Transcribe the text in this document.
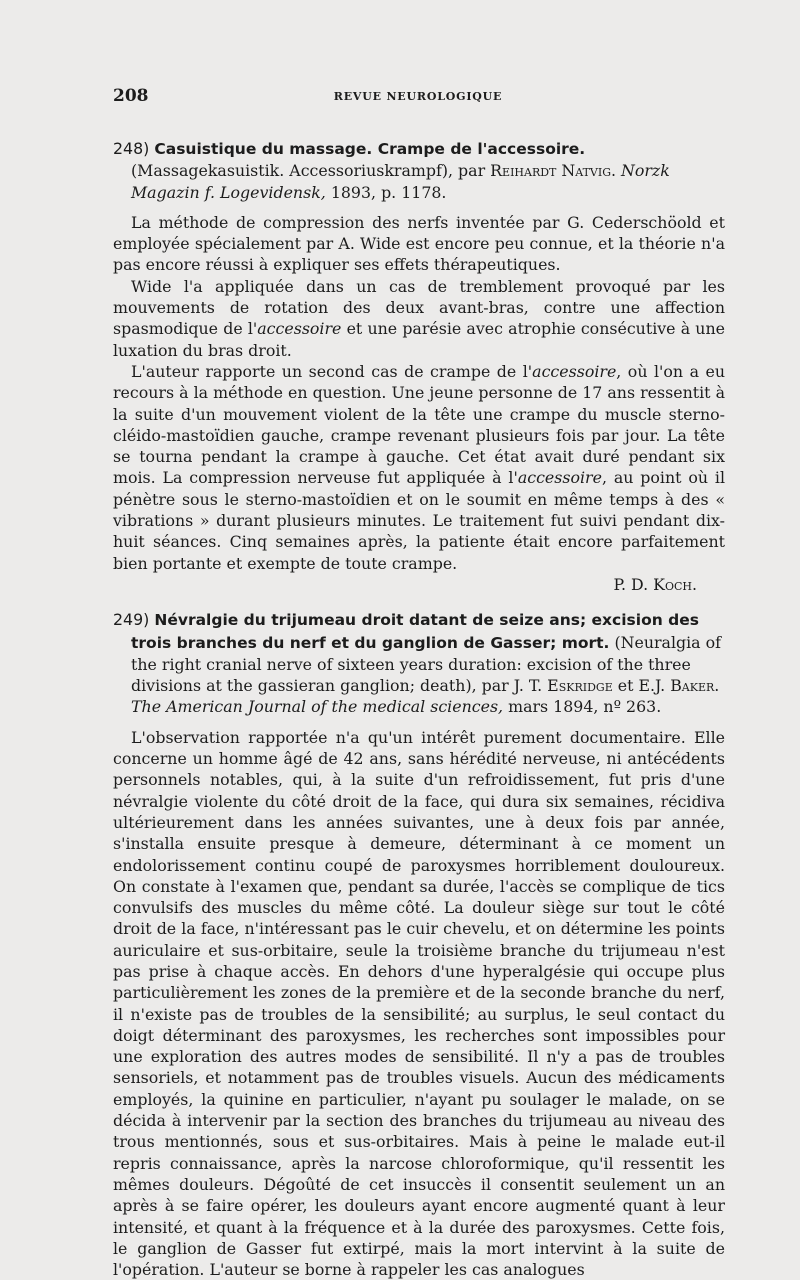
208	REVUE NEUROLOGIQUE

248) Casuistique du massage. Crampe de l'accessoire. (Massagekasuistik. Accessoriuskrampf), par Reihardt Natvig. Norzk Magazin f. Logevidensk, 1893, p. 1178.

La méthode de compression des nerfs inventée par G. Cederschöold et employée spécialement par A. Wide est encore peu connue, et la théorie n'a pas encore réussi à expliquer ses effets thérapeutiques.

Wide l'a appliquée dans un cas de tremblement provoqué par les mouvements de rotation des deux avant-bras, contre une affection spasmodique de l'accessoire et une parésie avec atrophie consécutive à une luxation du bras droit.

L'auteur rapporte un second cas de crampe de l'accessoire, où l'on a eu recours à la méthode en question. Une jeune personne de 17 ans ressentit à la suite d'un mouvement violent de la tête une crampe du muscle sterno-cléido-mastoïdien gauche, crampe revenant plusieurs fois par jour. La tête se tourna pendant la crampe à gauche. Cet état avait duré pendant six mois. La compression nerveuse fut appliquée à l'accessoire, au point où il pénètre sous le sterno-mastoïdien et on le soumit en même temps à des « vibrations » durant plusieurs minutes. Le traitement fut suivi pendant dix-huit séances. Cinq semaines après, la patiente était encore parfaitement bien portante et exempte de toute crampe.

P. D. Koch.

249) Névralgie du trijumeau droit datant de seize ans; excision des trois branches du nerf et du ganglion de Gasser; mort. (Neuralgia of the right cranial nerve of sixteen years duration: excision of the three divisions at the gassieran ganglion; death), par J. T. Eskridge et E.J. Baker. The American Journal of the medical sciences, mars 1894, nº 263.

L'observation rapportée n'a qu'un intérêt purement documentaire. Elle concerne un homme âgé de 42 ans, sans hérédité nerveuse, ni antécédents personnels notables, qui, à la suite d'un refroidissement, fut pris d'une névralgie violente du côté droit de la face, qui dura six semaines, récidiva ultérieurement dans les années suivantes, une à deux fois par année, s'installa ensuite presque à demeure, déterminant à ce moment un endolorissement continu coupé de paroxysmes horriblement douloureux. On constate à l'examen que, pendant sa durée, l'accès se complique de tics convulsifs des muscles du même côté. La douleur siège sur tout le côté droit de la face, n'intéressant pas le cuir chevelu, et on détermine les points auriculaire et sus-orbitaire, seule la troisième branche du trijumeau n'est pas prise à chaque accès. En dehors d'une hyperalgésie qui occupe plus particulièrement les zones de la première et de la seconde branche du nerf, il n'existe pas de troubles de la sensibilité; au surplus, le seul contact du doigt déterminant des paroxysmes, les recherches sont impossibles pour une exploration des autres modes de sensibilité. Il n'y a pas de troubles sensoriels, et notamment pas de troubles visuels. Aucun des médicaments employés, la quinine en particulier, n'ayant pu soulager le malade, on se décida à intervenir par la section des branches du trijumeau au niveau des trous mentionnés, sous et sus-orbitaires. Mais à peine le malade eut-il repris connaissance, après la narcose chloroformique, qu'il ressentit les mêmes douleurs. Dégoûté de cet insuccès il consentit seulement un an après à se faire opérer, les douleurs ayant encore augmenté quant à leur intensité, et quant à la fréquence et à la durée des paroxysmes. Cette fois, le ganglion de Gasser fut extirpé, mais la mort intervint à la suite de l'opération. L'auteur se borne à rappeler les cas analogues
